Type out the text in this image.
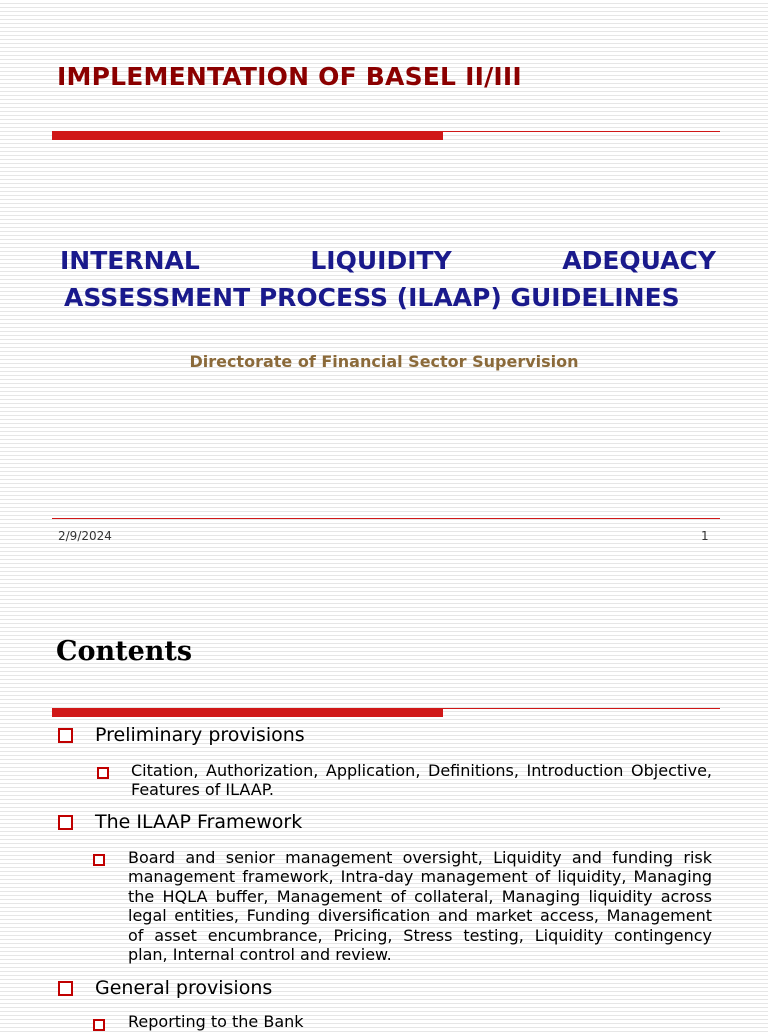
IMPLEMENTATION OF BASEL II/III
INTERNAL	LIQUIDITY	ADEQUACY
ASSESSMENT PROCESS (ILAAP) GUIDELINES
Directorate of Financial Sector Supervision
2/9/2024	1
Contents
Preliminary provisions
Citation, Authorization, Application, Definitions, Introduction Objective, Features of ILAAP.
The ILAAP Framework
Board and senior management oversight, Liquidity and funding risk management framework, Intra-day management of liquidity, Managing the HQLA buffer, Management of collateral, Managing liquidity across legal entities, Funding diversification and market access, Management of asset encumbrance, Pricing, Stress testing, Liquidity contingency plan, Internal control and review.
General provisions
Reporting to the Bank
